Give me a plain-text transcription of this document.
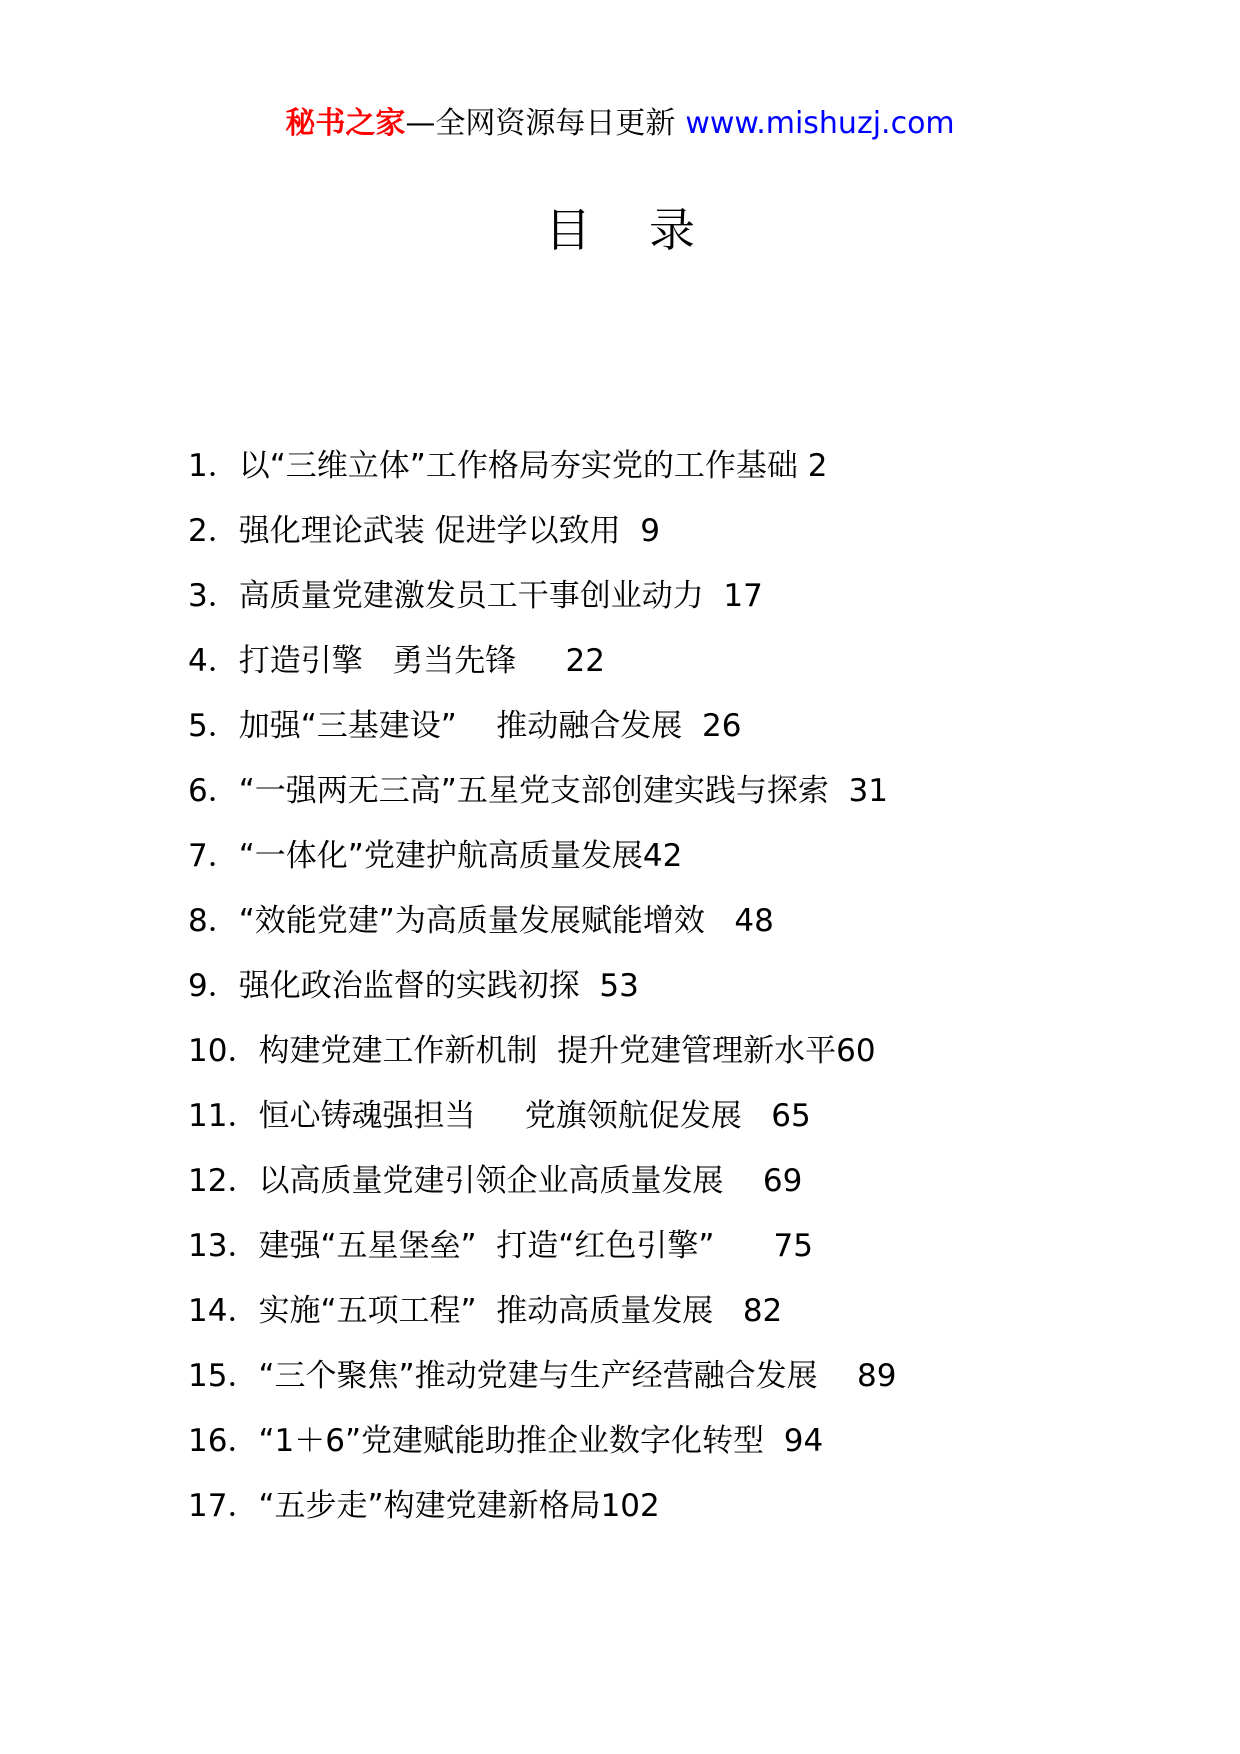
秘书之家—全网资源每日更新 www.mishuzj.com
目录
1．以“三维立体”工作格局夯实党的工作基础 2
2．强化理论武装 促进学以致用  9
3．高质量党建激发员工干事创业动力  17
4．打造引擎   勇当先锋     22
5．加强“三基建设”    推动融合发展  26
6．“一强两无三高”五星党支部创建实践与探索  31
7．“一体化”党建护航高质量发展42
8．“效能党建”为高质量发展赋能增效   48
9．强化政治监督的实践初探  53
10．构建党建工作新机制  提升党建管理新水平60
11．恒心铸魂强担当     党旗领航促发展   65
12．以高质量党建引领企业高质量发展    69
13．建强“五星堡垒”  打造“红色引擎”      75
14．实施“五项工程”  推动高质量发展   82
15．“三个聚焦”推动党建与生产经营融合发展    89
16．“1＋6”党建赋能助推企业数字化转型  94
17．“五步走”构建党建新格局102
